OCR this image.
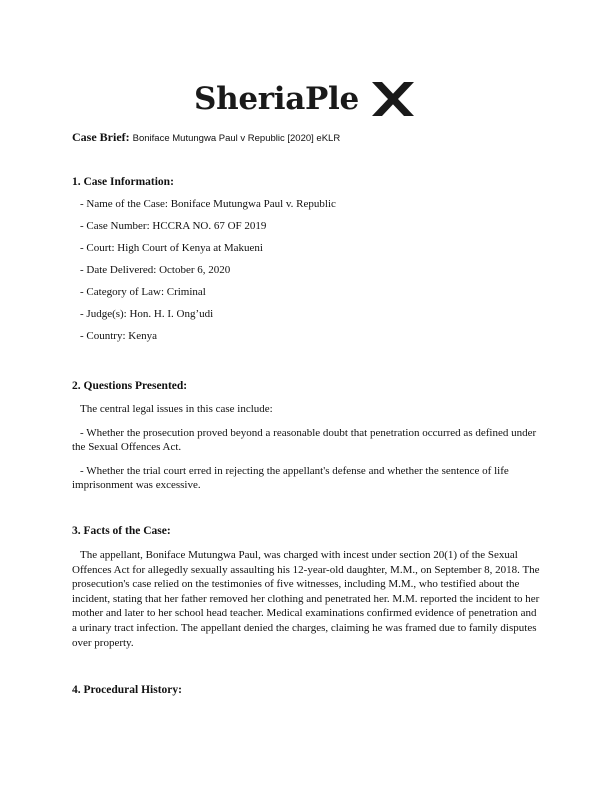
SheriaPle
Case Brief: Boniface Mutungwa Paul v Republic [2020] eKLR

1. Case Information:

- Name of the Case: Boniface Mutungwa Paul v. Republic

- Case Number: HCCRA NO. 67 OF 2019

- Court: High Court of Kenya at Makueni

- Date Delivered: October 6, 2020

- Category of Law: Criminal

- Judge(s): Hon. H. I. Ong’udi

- Country: Kenya

2. Questions Presented:

The central legal issues in this case include:

- Whether the prosecution proved beyond a reasonable doubt that penetration occurred as defined under the Sexual Offences Act.

- Whether the trial court erred in rejecting the appellant's defense and whether the sentence of life imprisonment was excessive.

3. Facts of the Case:

The appellant, Boniface Mutungwa Paul, was charged with incest under section 20(1) of the Sexual Offences Act for allegedly sexually assaulting his 12-year-old daughter, M.M., on September 8, 2018. The prosecution's case relied on the testimonies of five witnesses, including M.M., who testified about the incident, stating that her father removed her clothing and penetrated her. M.M. reported the incident to her mother and later to her school head teacher. Medical examinations confirmed evidence of penetration and a urinary tract infection. The appellant denied the charges, claiming he was framed due to family disputes over property.

4. Procedural History:
